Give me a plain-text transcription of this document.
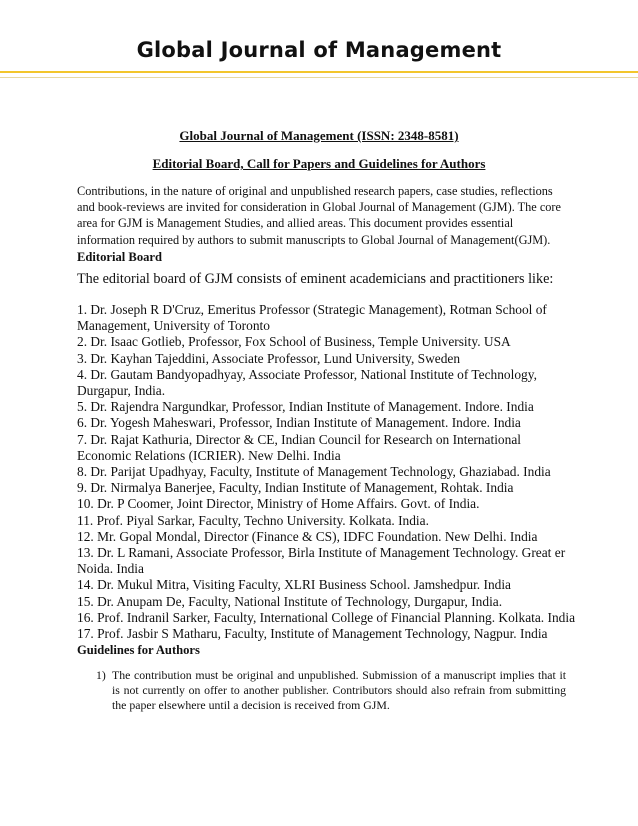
Global Journal of Management
Global Journal of Management (ISSN: 2348-8581)
Editorial Board, Call for Papers and Guidelines for Authors
Contributions, in the nature of original and unpublished research papers, case studies, reflections and book-reviews are invited for consideration in Global Journal of Management (GJM). The core area for GJM is Management Studies, and allied areas. This document provides essential information required by authors to submit manuscripts to Global Journal of Management(GJM).
Editorial Board
The editorial board of GJM consists of eminent academicians and practitioners like:
1. Dr. Joseph R D'Cruz, Emeritus Professor (Strategic Management), Rotman School of Management, University of Toronto
2. Dr. Isaac Gotlieb, Professor, Fox School of Business, Temple University. USA
3. Dr. Kayhan Tajeddini, Associate Professor, Lund University, Sweden
4. Dr. Gautam Bandyopadhyay, Associate Professor, National Institute of Technology, Durgapur, India.
5. Dr. Rajendra Nargundkar, Professor, Indian Institute of Management. Indore. India
6. Dr. Yogesh Maheswari, Professor, Indian Institute of Management. Indore. India
7. Dr. Rajat Kathuria, Director & CE, Indian Council for Research on International Economic Relations (ICRIER). New Delhi. India
8. Dr. Parijat Upadhyay, Faculty, Institute of Management Technology, Ghaziabad. India
9. Dr. Nirmalya Banerjee, Faculty, Indian Institute of Management, Rohtak. India
10. Dr. P Coomer, Joint Director, Ministry of Home Affairs. Govt. of India.
11. Prof. Piyal Sarkar, Faculty, Techno University. Kolkata. India.
12. Mr. Gopal Mondal, Director (Finance & CS), IDFC Foundation. New Delhi. India
13. Dr. L Ramani, Associate Professor, Birla Institute of Management Technology. Great er Noida. India
14. Dr. Mukul Mitra, Visiting Faculty, XLRI Business School. Jamshedpur. India
15. Dr. Anupam De, Faculty, National Institute of Technology, Durgapur, India.
16. Prof. Indranil Sarker, Faculty, International College of Financial Planning. Kolkata. India
17. Prof. Jasbir S Matharu, Faculty, Institute of Management Technology, Nagpur. India
Guidelines for Authors
1) The contribution must be original and unpublished. Submission of a manuscript implies that it is not currently on offer to another publisher. Contributors should also refrain from submitting the paper elsewhere until a decision is received from GJM.
